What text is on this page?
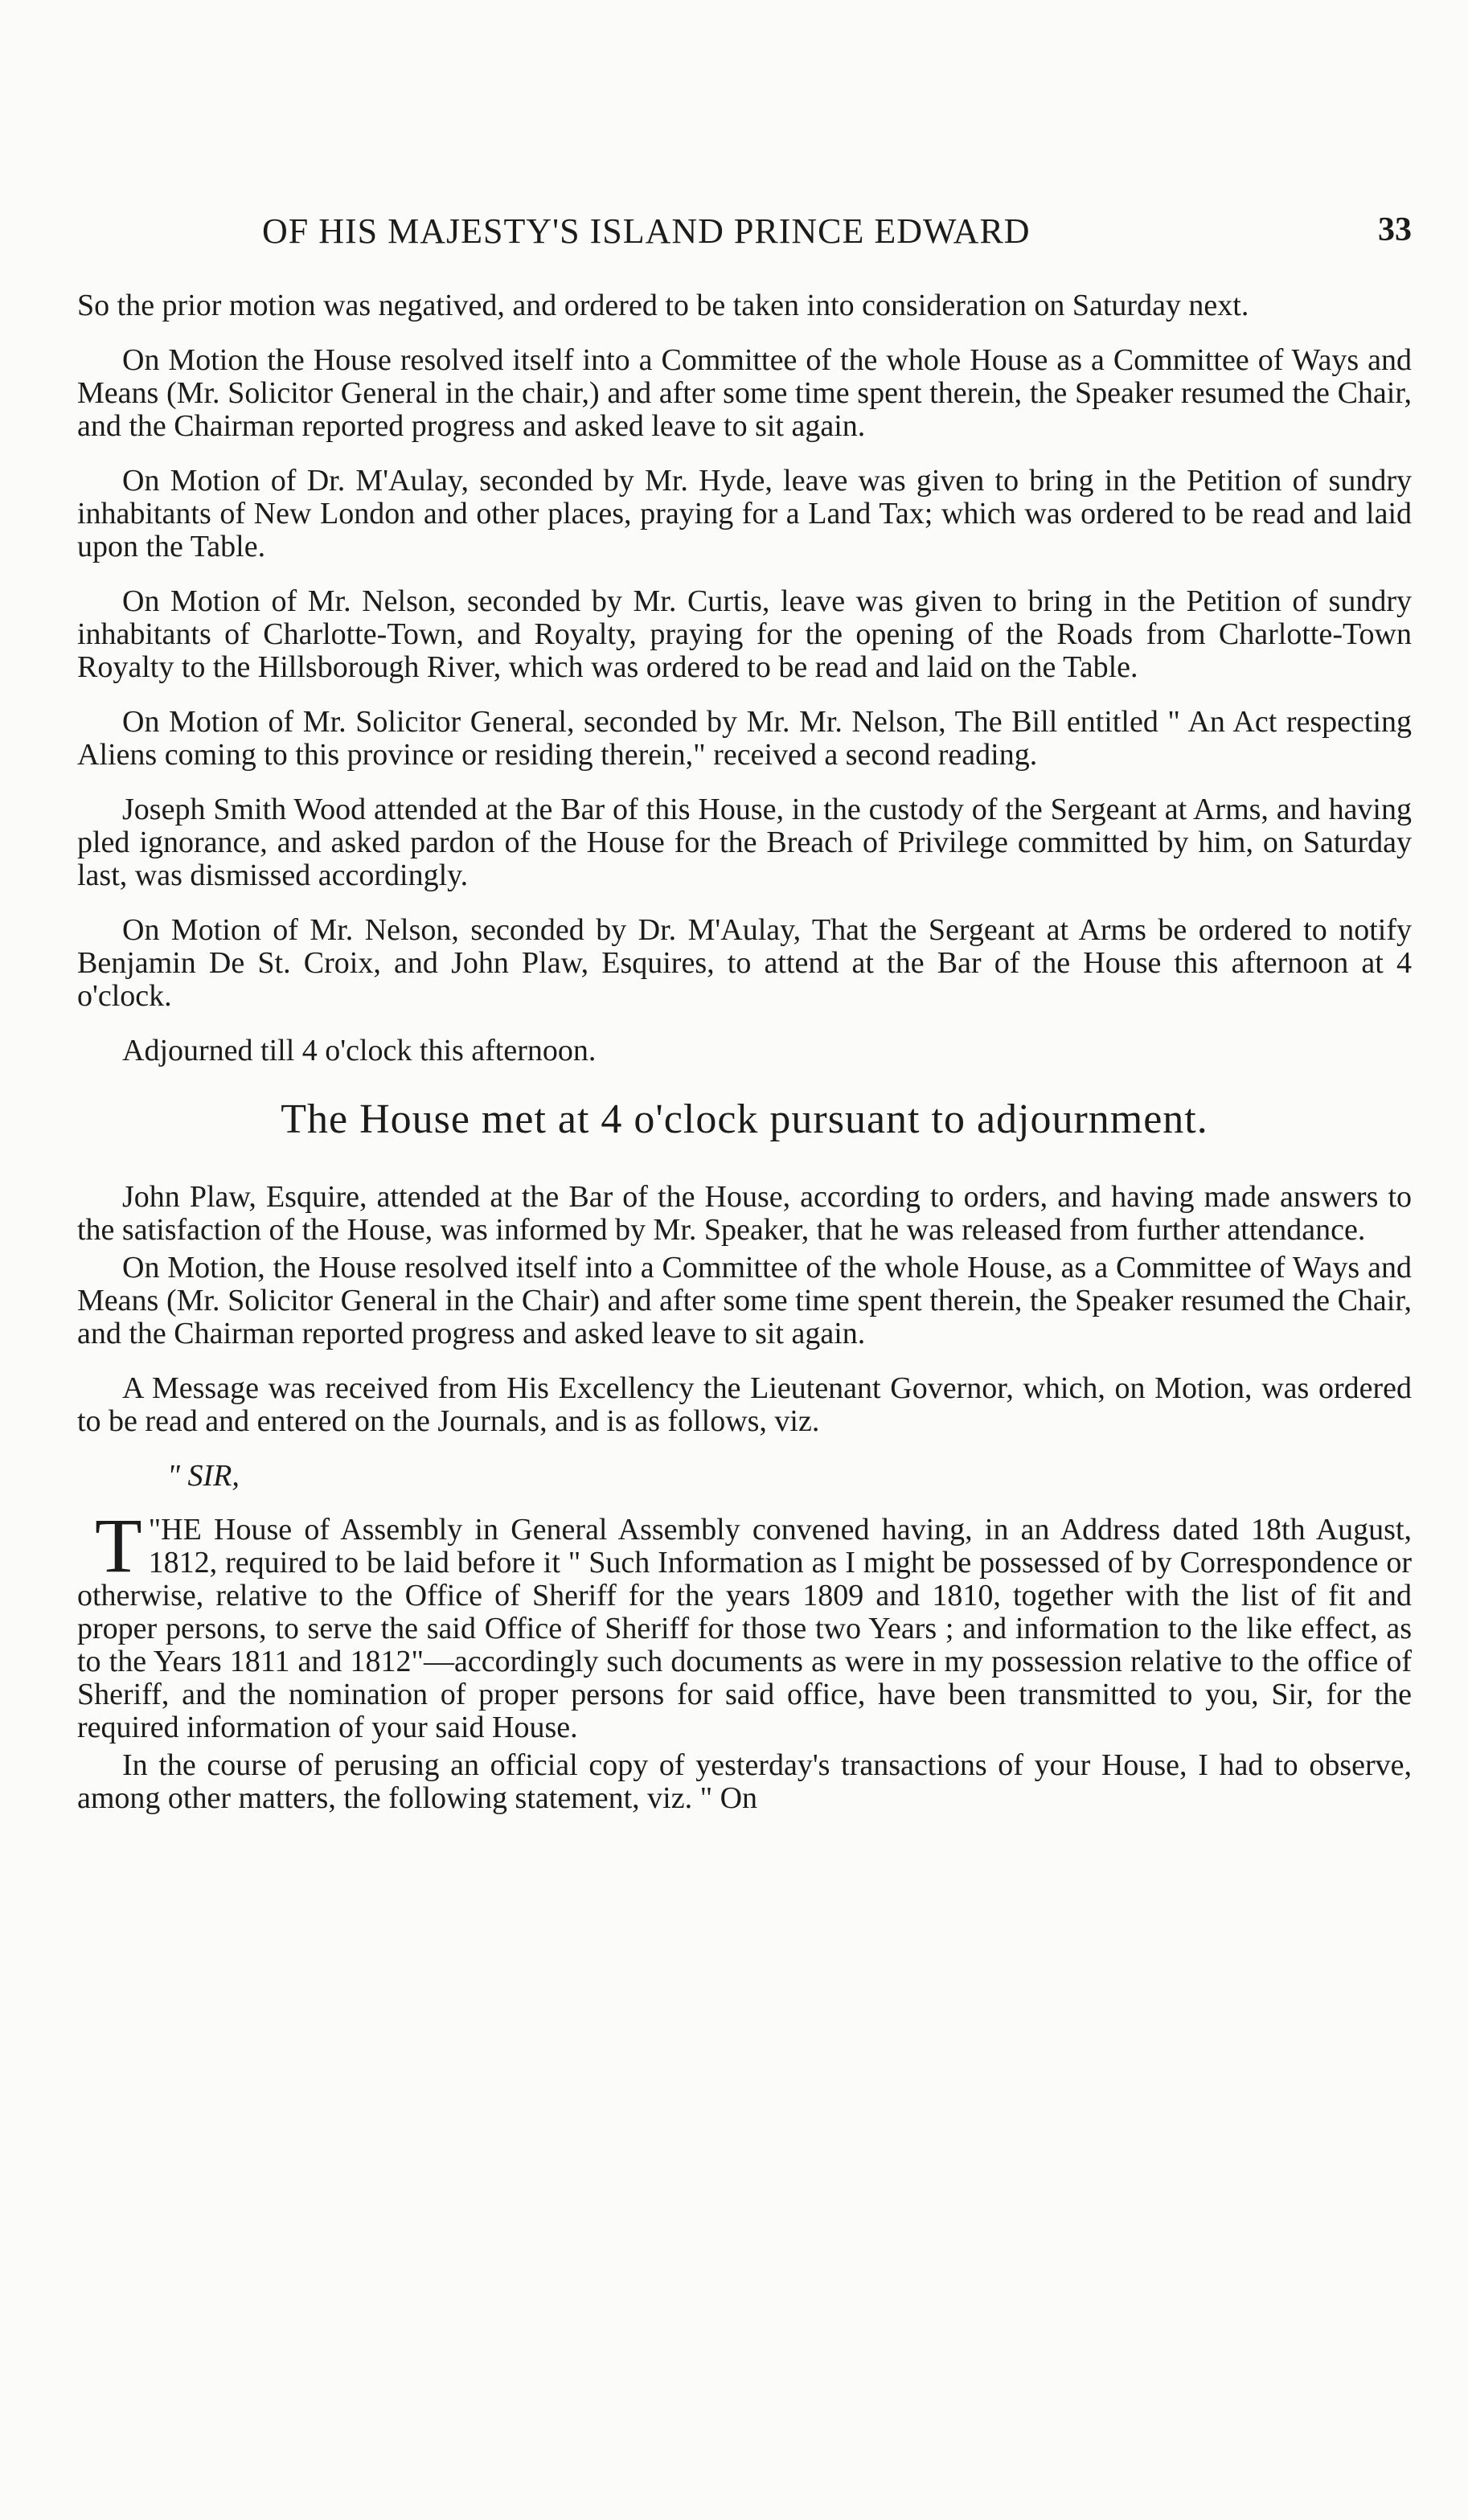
OF HIS MAJESTY'S ISLAND PRINCE EDWARD	33

So the prior motion was negatived, and ordered to be taken into consideration on Saturday next.

On Motion the House resolved itself into a Committee of the whole House as a Committee of Ways and Means (Mr. Solicitor General in the chair,) and after some time spent therein, the Speaker resumed the Chair, and the Chairman reported progress and asked leave to sit again.

On Motion of Dr. M'Aulay, seconded by Mr. Hyde, leave was given to bring in the Petition of sundry inhabitants of New London and other places, praying for a Land Tax; which was ordered to be read and laid upon the Table.

On Motion of Mr. Nelson, seconded by Mr. Curtis, leave was given to bring in the Petition of sundry inhabitants of Charlotte-Town, and Royalty, praying for the opening of the Roads from Charlotte-Town Royalty to the Hillsborough River, which was ordered to be read and laid on the Table.

On Motion of Mr. Solicitor General, seconded by Mr. Mr. Nelson, The Bill entitled " An Act respecting Aliens coming to this province or residing therein," received a second reading.

Joseph Smith Wood attended at the Bar of this House, in the custody of the Sergeant at Arms, and having pled ignorance, and asked pardon of the House for the Breach of Privilege committed by him, on Saturday last, was dismissed accordingly.

On Motion of Mr. Nelson, seconded by Dr. M'Aulay, That the Sergeant at Arms be ordered to notify Benjamin De St. Croix, and John Plaw, Esquires, to attend at the Bar of the House this afternoon at 4 o'clock.

Adjourned till 4 o'clock this afternoon.

The House met at 4 o'clock pursuant to adjournment.

John Plaw, Esquire, attended at the Bar of the House, according to orders, and having made answers to the satisfaction of the House, was informed by Mr. Speaker, that he was released from further attendance.

On Motion, the House resolved itself into a Committee of the whole House, as a Committee of Ways and Means (Mr. Solicitor General in the Chair) and after some time spent therein, the Speaker resumed the Chair, and the Chairman reported progress and asked leave to sit again.

A Message was received from His Excellency the Lieutenant Governor, which, on Motion, was ordered to be read and entered on the Journals, and is as follows, viz.

" SIR,

"
T HE House of Assembly in General Assembly convened having, in an Address dated 18th August, 1812, required to be laid before it " Such Information as I might be possessed of by Correspondence or otherwise, relative to the Office of Sheriff for the years 1809 and 1810, together with the list of fit and proper persons, to serve the said Office of Sheriff for those two Years ; and information to the like effect, as to the Years 1811 and 1812"—accordingly such documents as were in my possession relative to the office of Sheriff, and the nomination of proper persons for said office, have been transmitted to you, Sir, for the required information of your said House.

In the course of perusing an official copy of yesterday's transactions of your House, I had to observe, among other matters, the following statement, viz. " On
